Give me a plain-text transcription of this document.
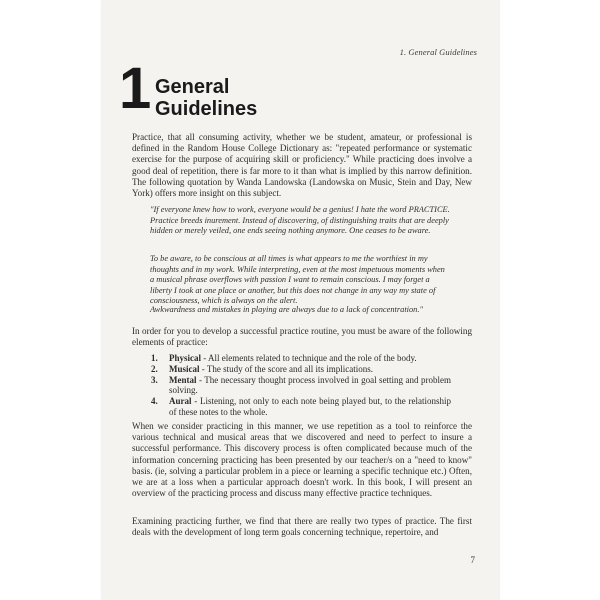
1. General Guidelines
1 General
Guidelines
Practice, that all consuming activity, whether we be student, amateur, or professional is defined in the Random House College Dictionary as: "repeated performance or systematic exercise for the purpose of acquiring skill or proficiency." While practicing does involve a good deal of repetition, there is far more to it than what is implied by this narrow definition. The following quotation by Wanda Landowska (Landowska on Music, Stein and Day, New York) offers more insight on this subject.

"If everyone knew how to work, everyone would be a genius! I hate the word PRACTICE. Practice breeds inurement. Instead of discovering, of distinguishing traits that are deeply hidden or merely veiled, one ends seeing nothing anymore. One ceases to be aware.

To be aware, to be conscious at all times is what appears to me the worthiest in my thoughts and in my work. While interpreting, even at the most impetuous moments when a musical phrase overflows with passion I want to remain conscious. I may forget a liberty I took at one place or another, but this does not change in any way my state of consciousness, which is always on the alert.

Awkwardness and mistakes in playing are always due to a lack of concentration."

In order for you to develop a successful practice routine, you must be aware of the following elements of practice:
1. Physical - All elements related to technique and the role of the body.
2. Musical - The study of the score and all its implications.
3. Mental - The necessary thought process involved in goal setting and problem solving.
4. Aural - Listening, not only to each note being played but, to the relationship of these notes to the whole.
When we consider practicing in this manner, we use repetition as a tool to reinforce the various technical and musical areas that we discovered and need to perfect to insure a successful performance. This discovery process is often complicated because much of the information concerning practicing has been presented by our teacher/s on a "need to know" basis. (ie, solving a particular problem in a piece or learning a specific technique etc.) Often, we are at a loss when a particular approach doesn't work. In this book, I will present an overview of the practicing process and discuss many effective practice techniques.
Examining practicing further, we find that there are really two types of practice. The first deals with the development of long term goals concerning technique, repertoire, and
7
